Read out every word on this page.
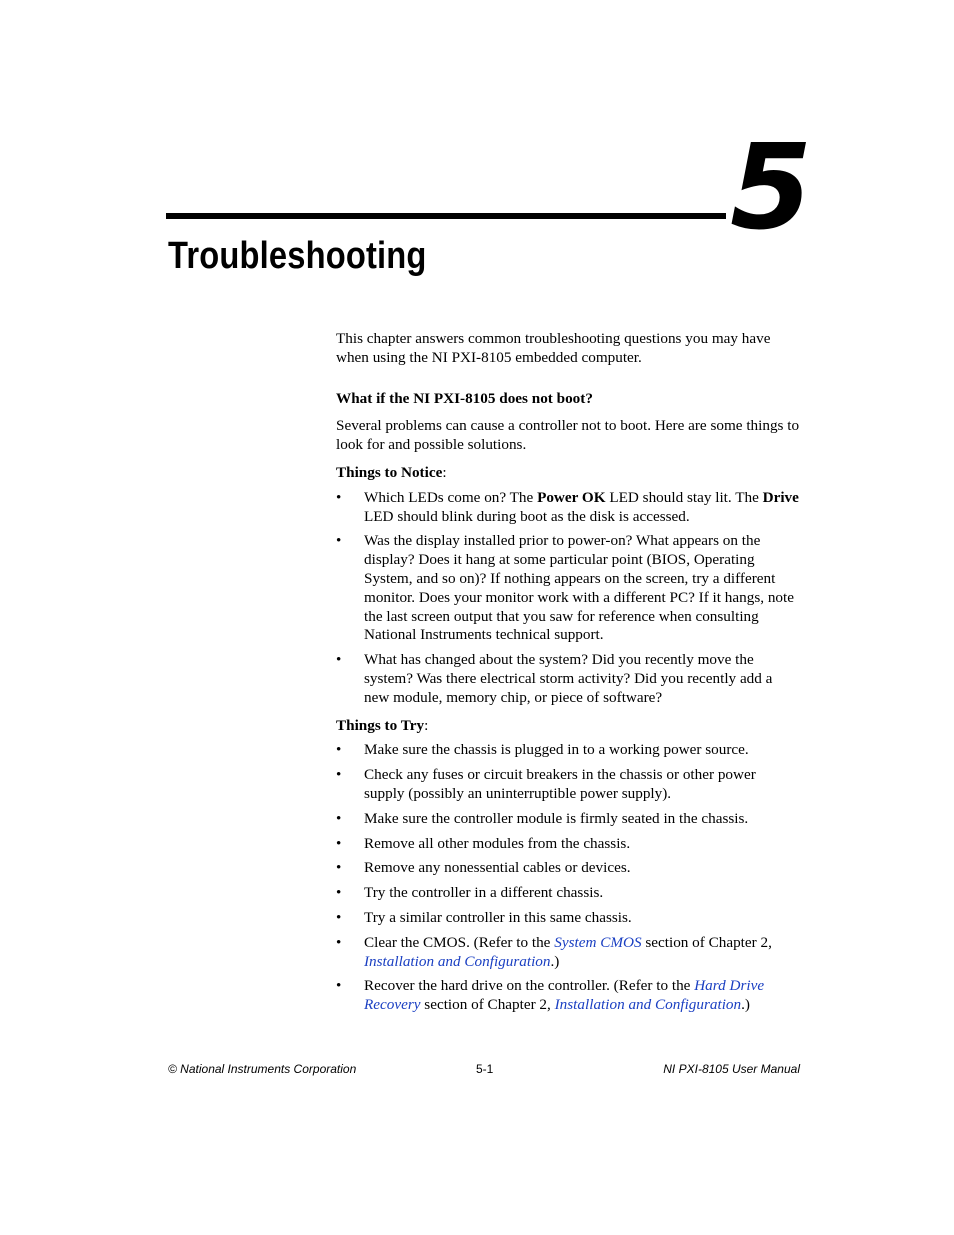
5
Troubleshooting

This chapter answers common troubleshooting questions you may have when using the NI PXI-8105 embedded computer.

What if the NI PXI-8105 does not boot?

Several problems can cause a controller not to boot. Here are some things to look for and possible solutions.

Things to Notice:

• Which LEDs come on? The Power OK LED should stay lit. The Drive LED should blink during boot as the disk is accessed.
• Was the display installed prior to power-on? What appears on the display? Does it hang at some particular point (BIOS, Operating System, and so on)? If nothing appears on the screen, try a different monitor. Does your monitor work with a different PC? If it hangs, note the last screen output that you saw for reference when consulting National Instruments technical support.
• What has changed about the system? Did you recently move the system? Was there electrical storm activity? Did you recently add a new module, memory chip, or piece of software?

Things to Try:

• Make sure the chassis is plugged in to a working power source.
• Check any fuses or circuit breakers in the chassis or other power supply (possibly an uninterruptible power supply).
• Make sure the controller module is firmly seated in the chassis.
• Remove all other modules from the chassis.
• Remove any nonessential cables or devices.
• Try the controller in a different chassis.
• Try a similar controller in this same chassis.
• Clear the CMOS. (Refer to the System CMOS section of Chapter 2, Installation and Configuration.)
• Recover the hard drive on the controller. (Refer to the Hard Drive Recovery section of Chapter 2, Installation and Configuration.)
© National Instruments Corporation	5-1	NI PXI-8105 User Manual
